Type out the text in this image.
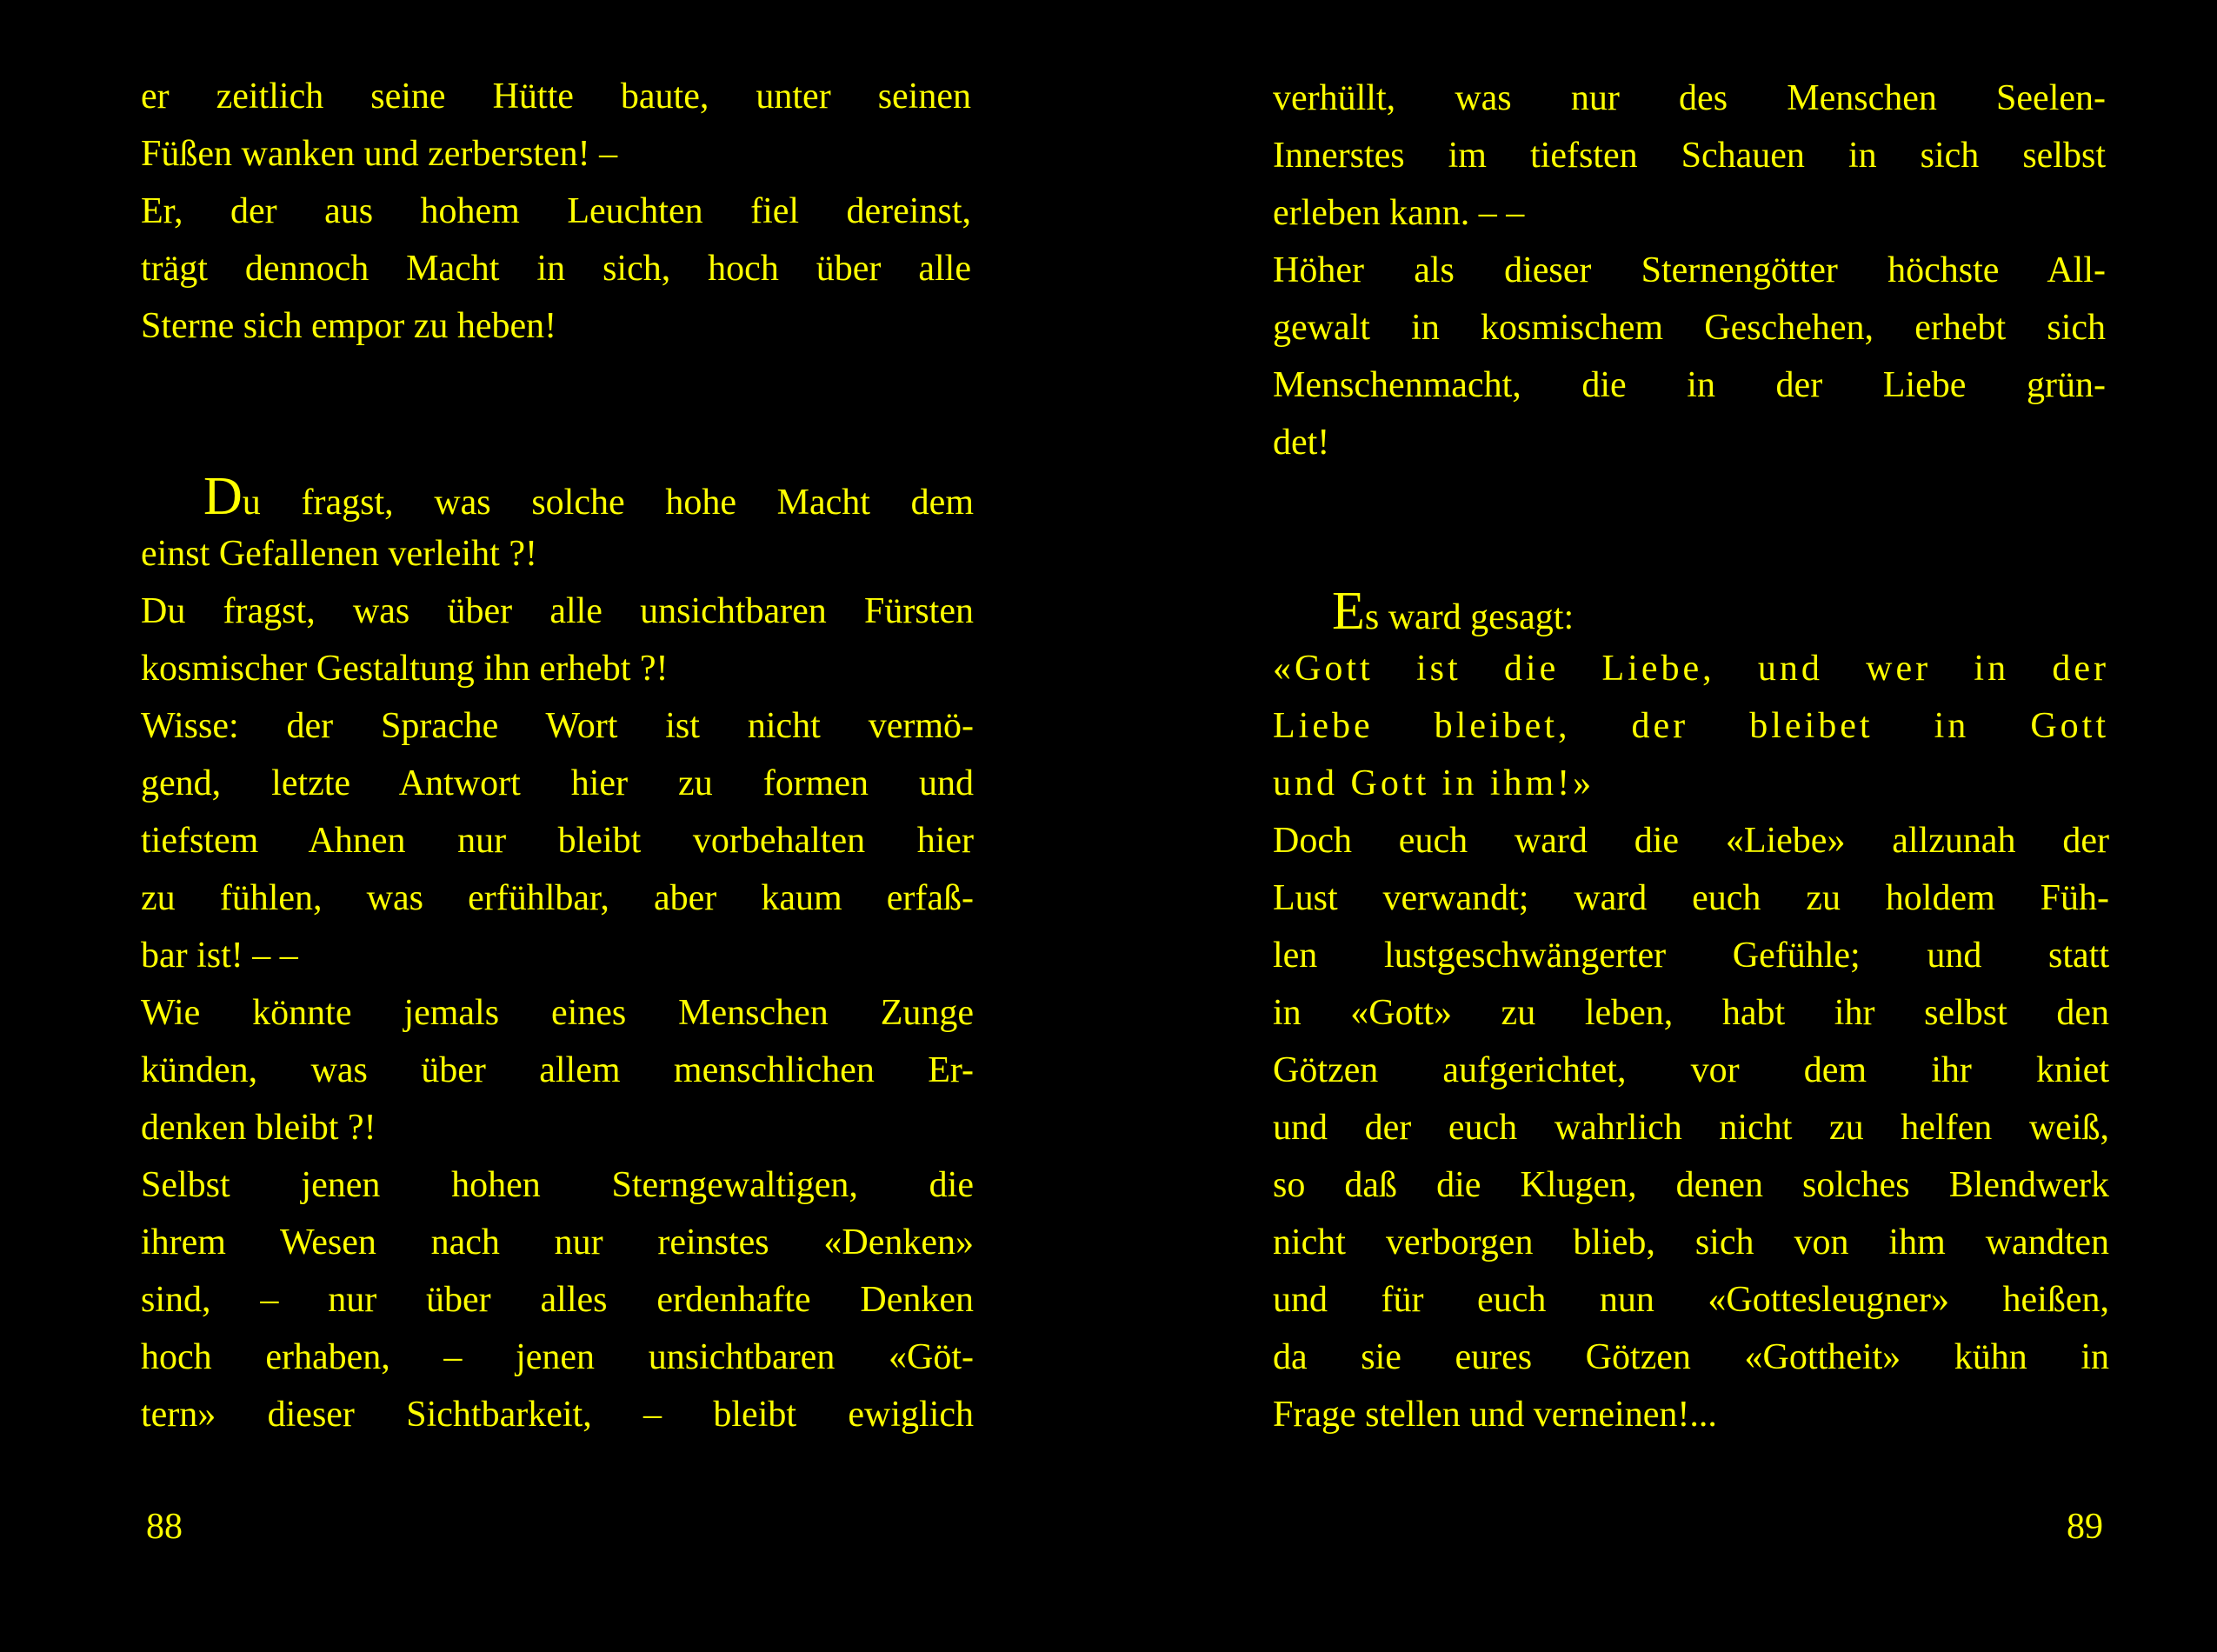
er zeitlich seine Hütte baute, unter seinen
Füßen wanken und zerbersten! –
Er, der aus hohem Leuchten fiel dereinst,
trägt dennoch Macht in sich, hoch über alle
Sterne sich empor zu heben!
Du fragst, was solche hohe Macht dem
einst Gefallenen verleiht ?!
Du fragst, was über alle unsichtbaren Fürsten
kosmischer Gestaltung ihn erhebt ?!
Wisse: der Sprache Wort ist nicht vermö-
gend, letzte Antwort hier zu formen und
tiefstem Ahnen nur bleibt vorbehalten hier
zu fühlen, was erfühlbar, aber kaum erfaß-
bar ist! – –
Wie könnte jemals eines Menschen Zunge
künden, was über allem menschlichen Er-
denken bleibt ?!
Selbst jenen hohen Sterngewaltigen, die
ihrem Wesen nach nur reinstes «Denken»
sind, – nur über alles erdenhafte Denken
hoch erhaben, – jenen unsichtbaren «Göt-
tern» dieser Sichtbarkeit, – bleibt ewiglich
88
verhüllt, was nur des Menschen Seelen-
Innerstes im tiefsten Schauen in sich selbst
erleben kann. – –
Höher als dieser Sternengötter höchste All-
gewalt in kosmischem Geschehen, erhebt sich
Menschenmacht, die in der Liebe grün-
det!
Es ward gesagt:
«Gott ist die Liebe, und wer in der
Liebe bleibet, der bleibet in Gott
und Gott in ihm!»
Doch euch ward die «Liebe» allzunah der
Lust verwandt; ward euch zu holdem Füh-
len lustgeschwängerter Gefühle; und statt
in «Gott» zu leben, habt ihr selbst den
Götzen aufgerichtet, vor dem ihr kniet
und der euch wahrlich nicht zu helfen weiß,
so daß die Klugen, denen solches Blendwerk
nicht verborgen blieb, sich von ihm wandten
und für euch nun «Gottesleugner» heißen,
da sie eures Götzen «Gottheit» kühn in
Frage stellen und verneinen!...
89
